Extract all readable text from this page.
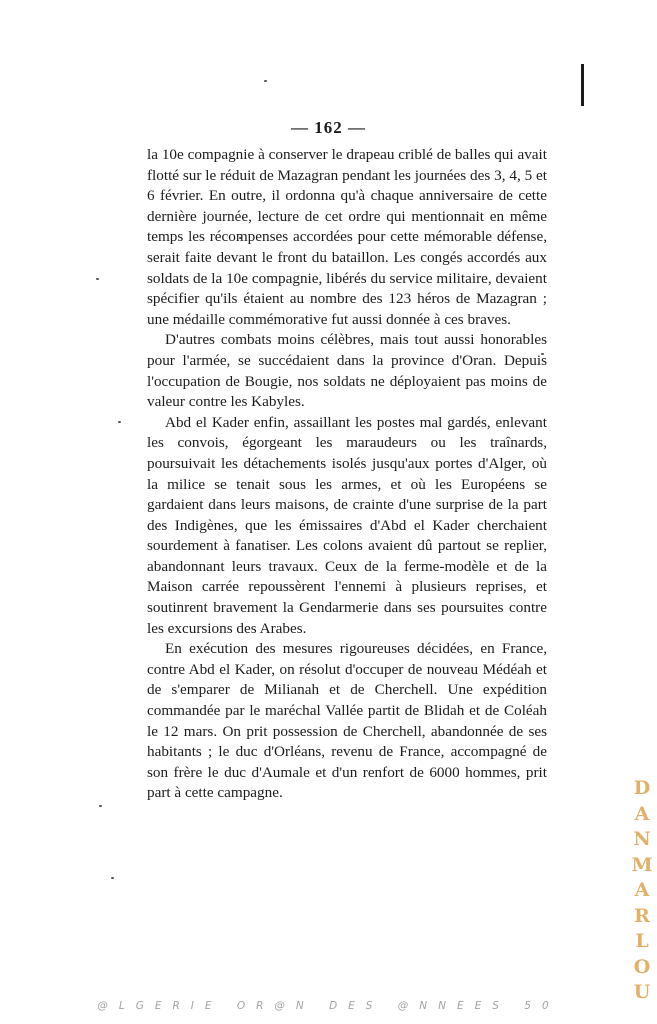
— 162 —

la 10e compagnie à conserver le drapeau criblé de balles qui avait flotté sur le réduit de Mazagran pendant les journées des 3, 4, 5 et 6 février. En outre, il ordonna qu'à chaque anniversaire de cette dernière journée, lecture de cet ordre qui mentionnait en même temps les récompenses accordées pour cette mémorable défense, serait faite devant le front du bataillon. Les congés accordés aux soldats de la 10e compagnie, libérés du service militaire, devaient spécifier qu'ils étaient au nombre des 123 héros de Mazagran ; une médaille commémorative fut aussi donnée à ces braves.

D'autres combats moins célèbres, mais tout aussi honorables pour l'armée, se succédaient dans la province d'Oran. Depuis l'occupation de Bougie, nos soldats ne déployaient pas moins de valeur contre les Kabyles.

Abd el Kader enfin, assaillant les postes mal gardés, enlevant les convois, égorgeant les maraudeurs ou les traînards, poursuivait les détachements isolés jusqu'aux portes d'Alger, où la milice se tenait sous les armes, et où les Européens se gardaient dans leurs maisons, de crainte d'une surprise de la part des Indigènes, que les émissaires d'Abd el Kader cherchaient sourdement à fanatiser. Les colons avaient dû partout se replier, abandonnant leurs travaux. Ceux de la ferme-modèle et de la Maison carrée repoussèrent l'ennemi à plusieurs reprises, et soutinrent bravement la Gendarmerie dans ses poursuites contre les excursions des Arabes.

En exécution des mesures rigoureuses décidées, en France, contre Abd el Kader, on résolut d'occuper de nouveau Médéah et de s'emparer de Milianah et de Cherchell. Une expédition commandée par le maréchal Vallée partit de Blidah et de Coléah le 12 mars. On prit possession de Cherchell, abandonnée de ses habitants ; le duc d'Orléans, revenu de France, accompagné de son frère le duc d'Aumale et d'un renfort de 6000 hommes, prit part à cette campagne.	D
A
N
M
A
R
L
O
U
@LGERIE OR@N DES @NNEES 50
